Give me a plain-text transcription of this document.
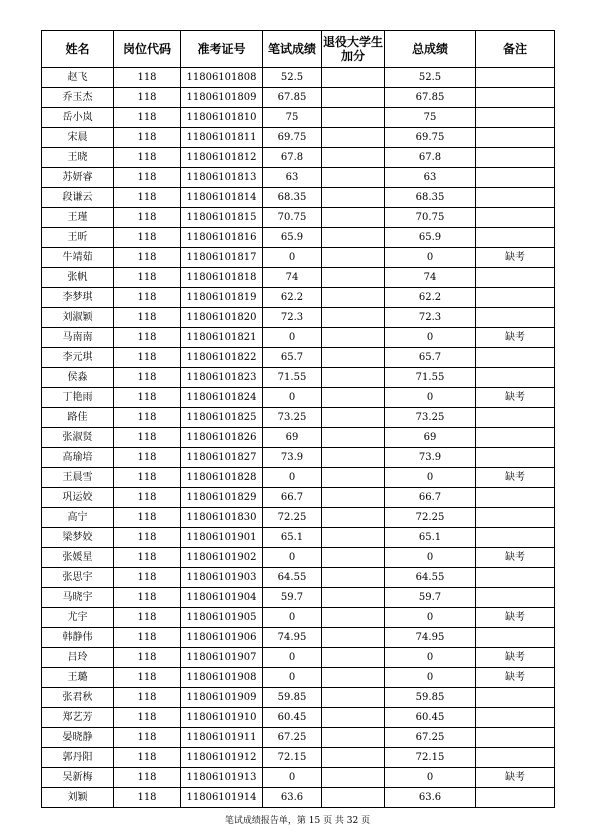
姓名	岗位代码	准考证号	笔试成绩	退役大学生加分	总成绩	备注
赵飞	118	11806101808	52.5		52.5	
乔玉杰	118	11806101809	67.85		67.85	
岳小岚	118	11806101810	75		75	
宋晨	118	11806101811	69.75		69.75	
王晓	118	11806101812	67.8		67.8	
苏妍睿	118	11806101813	63		63	
段谦云	118	11806101814	68.35		68.35	
王瑾	118	11806101815	70.75		70.75	
王昕	118	11806101816	65.9		65.9	
牛靖茹	118	11806101817	0		0	缺考
张帆	118	11806101818	74		74	
李梦琪	118	11806101819	62.2		62.2	
刘淑颖	118	11806101820	72.3		72.3	
马南南	118	11806101821	0		0	缺考
李元琪	118	11806101822	65.7		65.7	
侯淼	118	11806101823	71.55		71.55	
丁艳雨	118	11806101824	0		0	缺考
路佳	118	11806101825	73.25		73.25	
张淑贤	118	11806101826	69		69	
高瑜培	118	11806101827	73.9		73.9	
王晨雪	118	11806101828	0		0	缺考
巩运姣	118	11806101829	66.7		66.7	
高宁	118	11806101830	72.25		72.25	
梁梦姣	118	11806101901	65.1		65.1	
张媛星	118	11806101902	0		0	缺考
张思宇	118	11806101903	64.55		64.55	
马晓宇	118	11806101904	59.7		59.7	
尤宇	118	11806101905	0		0	缺考
韩静伟	118	11806101906	74.95		74.95	
吕玲	118	11806101907	0		0	缺考
王璐	118	11806101908	0		0	缺考
张君秋	118	11806101909	59.85		59.85	
郑艺芳	118	11806101910	60.45		60.45	
晏晓静	118	11806101911	67.25		67.25	
郭丹阳	118	11806101912	72.15		72.15	
吴新梅	118	11806101913	0		0	缺考
刘颖	118	11806101914	63.6		63.6	
笔试成绩报告单，第 15 页 共 32 页
